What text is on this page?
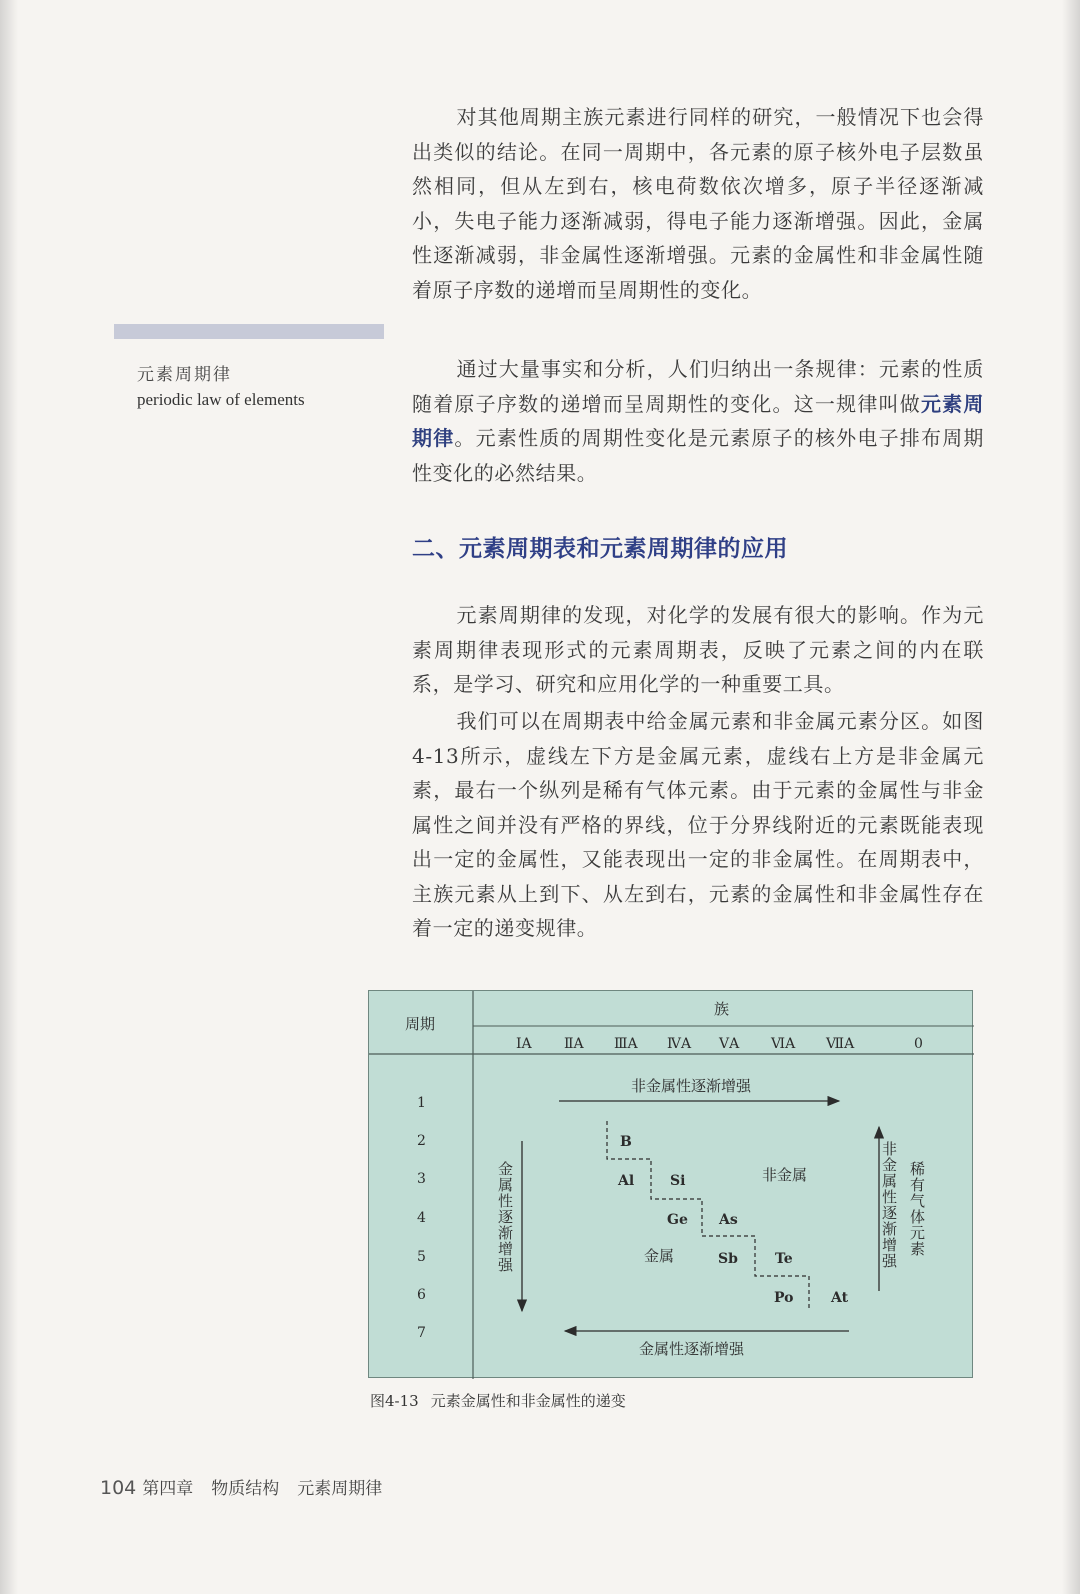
元素周期律
periodic law of elements

对其他周期主族元素进行同样的研究，一般情况下也会得出类似的结论。在同一周期中，各元素的原子核外电子层数虽然相同，但从左到右，核电荷数依次增多，原子半径逐渐减小，失电子能力逐渐减弱，得电子能力逐渐增强。因此，金属性逐渐减弱，非金属性逐渐增强。元素的金属性和非金属性随着原子序数的递增而呈周期性的变化。

通过大量事实和分析，人们归纳出一条规律：元素的性质随着原子序数的递增而呈周期性的变化。这一规律叫做元素周期律。元素性质的周期性变化是元素原子的核外电子排布周期性变化的必然结果。

二、元素周期表和元素周期律的应用

元素周期律的发现，对化学的发展有很大的影响。作为元素周期律表现形式的元素周期表，反映了元素之间的内在联系，是学习、研究和应用化学的一种重要工具。

我们可以在周期表中给金属元素和非金属元素分区。如图4-13所示，虚线左下方是金属元素，虚线右上方是非金属元素，最右一个纵列是稀有气体元素。由于元素的金属性与非金属性之间并没有严格的界线，位于分界线附近的元素既能表现出一定的金属性，又能表现出一定的非金属性。在周期表中，主族元素从上到下、从左到右，元素的金属性和非金属性存在着一定的递变规律。

周期
族
ⅠA ⅡA ⅢA ⅣA ⅤA ⅥA ⅦA	0
1
2
3
4
5
6
7
非金属性逐渐增强
金属性逐渐增强
金属性逐渐增强	非金属性逐渐增强 稀有气体元素
B
Al	Si
Ge As
Sb	Te
Po	At
非金属
金属
图4-13 元素金属性和非金属性的递变
104 第四章 物质结构 元素周期律
